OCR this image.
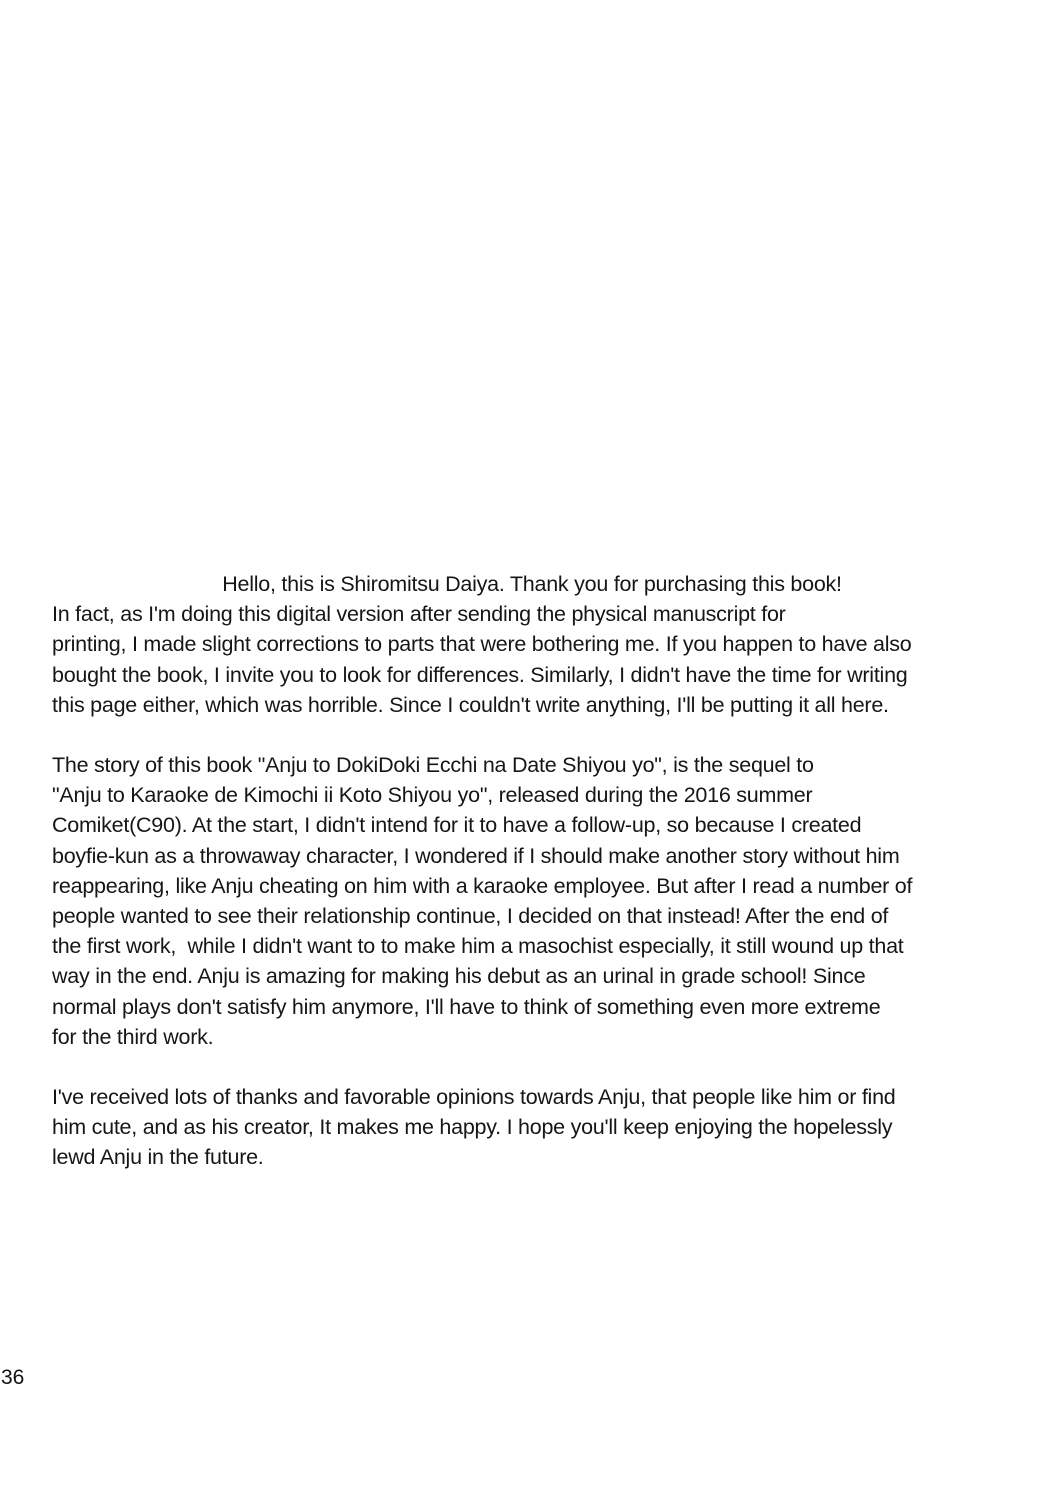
Hello, this is Shiromitsu Daiya. Thank you for purchasing this book!
In fact, as I'm doing this digital version after sending the physical manuscript for
printing, I made slight corrections to parts that were bothering me. If you happen to have also
bought the book, I invite you to look for differences. Similarly, I didn't have the time for writing
this page either, which was horrible. Since I couldn't write anything, I'll be putting it all here.
The story of this book "Anju to DokiDoki Ecchi na Date Shiyou yo", is the sequel to
"Anju to Karaoke de Kimochi ii Koto Shiyou yo", released during the 2016 summer
Comiket(C90). At the start, I didn't intend for it to have a follow-up, so because I created
boyfie-kun as a throwaway character, I wondered if I should make another story without him
reappearing, like Anju cheating on him with a karaoke employee. But after I read a number of
people wanted to see their relationship continue, I decided on that instead! After the end of
the first work,  while I didn't want to to make him a masochist especially, it still wound up that
way in the end. Anju is amazing for making his debut as an urinal in grade school! Since
normal plays don't satisfy him anymore, I'll have to think of something even more extreme
for the third work.
I've received lots of thanks and favorable opinions towards Anju, that people like him or find
him cute, and as his creator, It makes me happy. I hope you'll keep enjoying the hopelessly
lewd Anju in the future.
36
